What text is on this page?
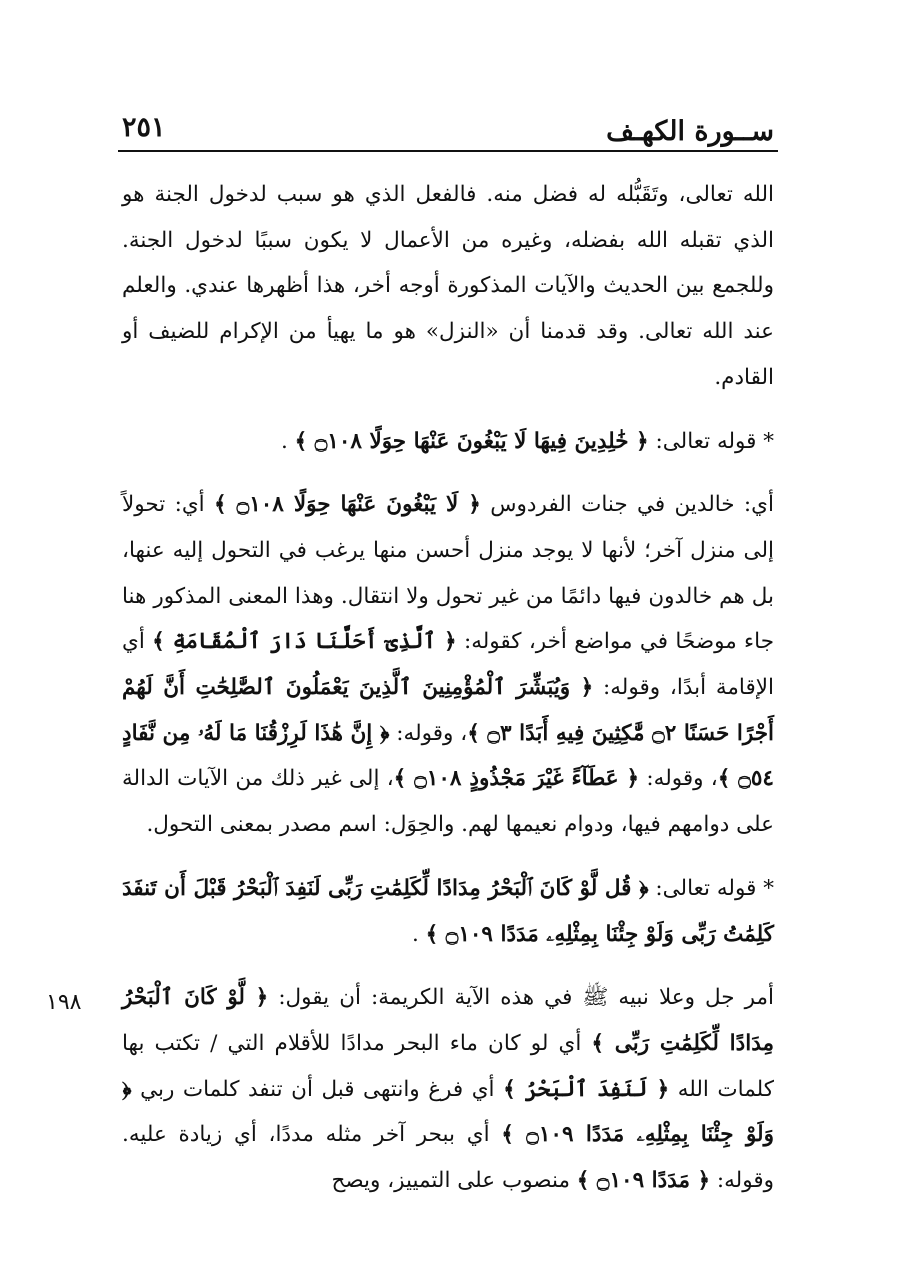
ســورة الكهـف
٢٥١
١٩٨

الله تعالى، وتَقَبُّله له فضل منه. فالفعل الذي هو سبب لدخول الجنة هو الذي تقبله الله بفضله، وغيره من الأعمال لا يكون سببًا لدخول الجنة. وللجمع بين الحديث والآيات المذكورة أوجه أخر، هذا أظهرها عندي. والعلم عند الله تعالى. وقد قدمنا أن «النزل» هو ما يهيأ من الإكرام للضيف أو القادم.

* قوله تعالى: ﴿ خَٰلِدِينَ فِيهَا لَا يَبْغُونَ عَنْهَا حِوَلًا ۝١٠٨ ﴾ .

أي: خالدين في جنات الفردوس ﴿ لَا يَبْغُونَ عَنْهَا حِوَلًا ۝١٠٨ ﴾ أي: تحولاً إلى منزل آخر؛ لأنها لا يوجد منزل أحسن منها يرغب في التحول إليه عنها، بل هم خالدون فيها دائمًا من غير تحول ولا انتقال. وهذا المعنى المذكور هنا جاء موضحًا في مواضع أخر، كقوله: ﴿ ٱلَّذِىٓ أَحَلَّنَا دَارَ ٱلْمُقَامَةِ ﴾ أي الإقامة أبدًا، وقوله: ﴿ وَيُبَشِّرَ ٱلْمُؤْمِنِينَ ٱلَّذِينَ يَعْمَلُونَ ٱلصَّٰلِحَٰتِ أَنَّ لَهُمْ أَجْرًا حَسَنًا ۝٢ مَّٰكِثِينَ فِيهِ أَبَدًا ۝٣ ﴾، وقوله: ﴿ إِنَّ هَٰذَا لَرِزْقُنَا مَا لَهُۥ مِن نَّفَادٍ ۝٥٤ ﴾، وقوله: ﴿ عَطَآءً غَيْرَ مَجْذُوذٍ ۝١٠٨ ﴾، إلى غير ذلك من الآيات الدالة على دوامهم فيها، ودوام نعيمها لهم. والحِوَل: اسم مصدر بمعنى التحول.

* قوله تعالى: ﴿ قُل لَّوْ كَانَ ٱلْبَحْرُ مِدَادًا لِّكَلِمَٰتِ رَبِّى لَنَفِدَ ٱلْبَحْرُ قَبْلَ أَن تَنفَدَ كَلِمَٰتُ رَبِّى وَلَوْ جِئْنَا بِمِثْلِهِۦ مَدَدًا ۝١٠٩ ﴾ .

أمر جل وعلا نبيه ﷺ في هذه الآية الكريمة: أن يقول: ﴿ لَّوْ كَانَ ٱلْبَحْرُ مِدَادًا لِّكَلِمَٰتِ رَبِّى ﴾ أي لو كان ماء البحر مدادًا للأقلام التي / تكتب بها كلمات الله ﴿ لَنَفِدَ ٱلْبَحْرُ ﴾ أي فرغ وانتهى قبل أن تنفد كلمات ربي ﴿ وَلَوْ جِئْنَا بِمِثْلِهِۦ مَدَدًا ۝١٠٩ ﴾ أي ببحر آخر مثله مددًا، أي زيادة عليه. وقوله: ﴿ مَدَدًا ۝١٠٩ ﴾ منصوب على التمييز، ويصح
